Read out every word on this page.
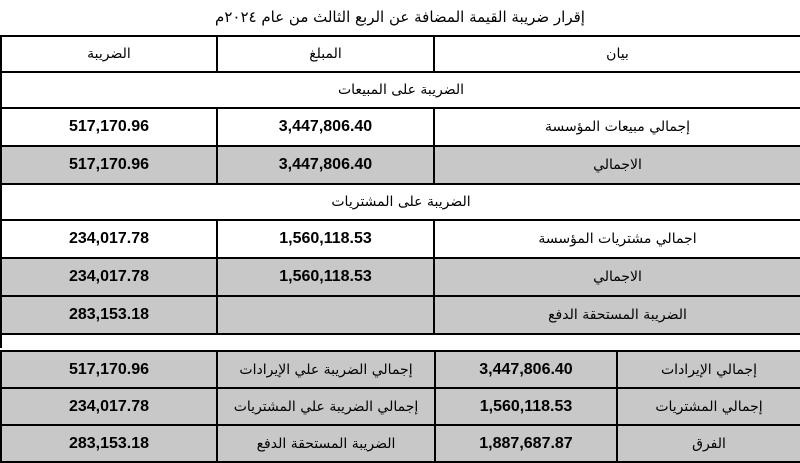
إقرار ضريبة القيمة المضافة عن الربع الثالث من عام ٢٠٢٤م
الضريبة	المبلغ	بيان
الضريبة على المبيعات		
517,170.96	3,447,806.40	إجمالي مبيعات المؤسسة
517,170.96	3,447,806.40	الاجمالي
الضريبة على المشتريات		
234,017.78	1,560,118.53	اجمالي مشتريات المؤسسة
234,017.78	1,560,118.53	الاجمالي
283,153.18		الضريبة المستحقة الدفع
517,170.96	إجمالي الضريبة علي الإيرادات	3,447,806.40	إجمالي الإيرادات
234,017.78	إجمالي الضريبة علي المشتريات	1,560,118.53	إجمالي المشتريات
283,153.18	الضريبة المستحقة الدفع	1,887,687.87	الفرق
